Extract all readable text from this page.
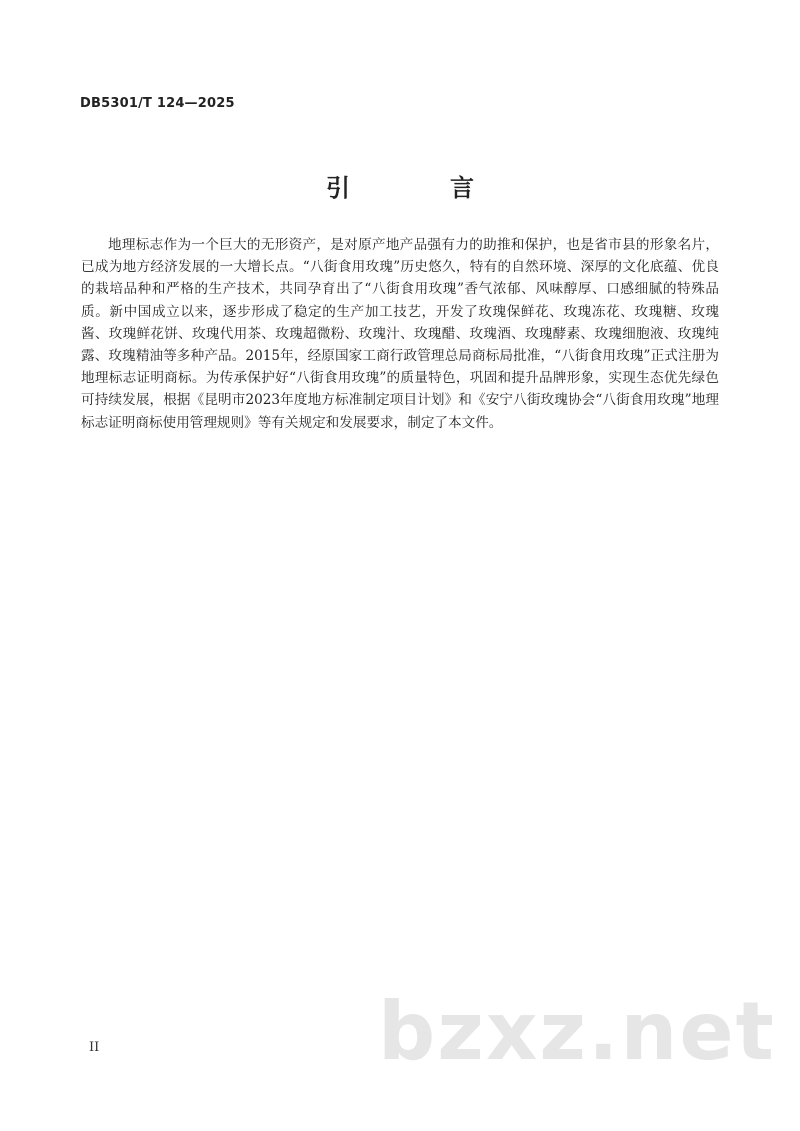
DB5301/T 124—2025
引　言

地理标志作为一个巨大的无形资产，是对原产地产品强有力的助推和保护，也是省市县的形象名片，已成为地方经济发展的一大增长点。“八街食用玫瑰”历史悠久，特有的自然环境、深厚的文化底蕴、优良的栽培品种和严格的生产技术，共同孕育出了“八街食用玫瑰”香气浓郁、风味醇厚、口感细腻的特殊品质。新中国成立以来，逐步形成了稳定的生产加工技艺，开发了玫瑰保鲜花、玫瑰冻花、玫瑰糖、玫瑰酱、玫瑰鲜花饼、玫瑰代用茶、玫瑰超微粉、玫瑰汁、玫瑰醋、玫瑰酒、玫瑰酵素、玫瑰细胞液、玫瑰纯露、玫瑰精油等多种产品。2015年，经原国家工商行政管理总局商标局批准，“八街食用玫瑰”正式注册为地理标志证明商标。为传承保护好“八街食用玫瑰”的质量特色，巩固和提升品牌形象，实现生态优先绿色可持续发展，根据《昆明市2023年度地方标准制定项目计划》和《安宁八街玫瑰协会“八街食用玫瑰”地理标志证明商标使用管理规则》等有关规定和发展要求，制定了本文件。

II	bzxz.net
